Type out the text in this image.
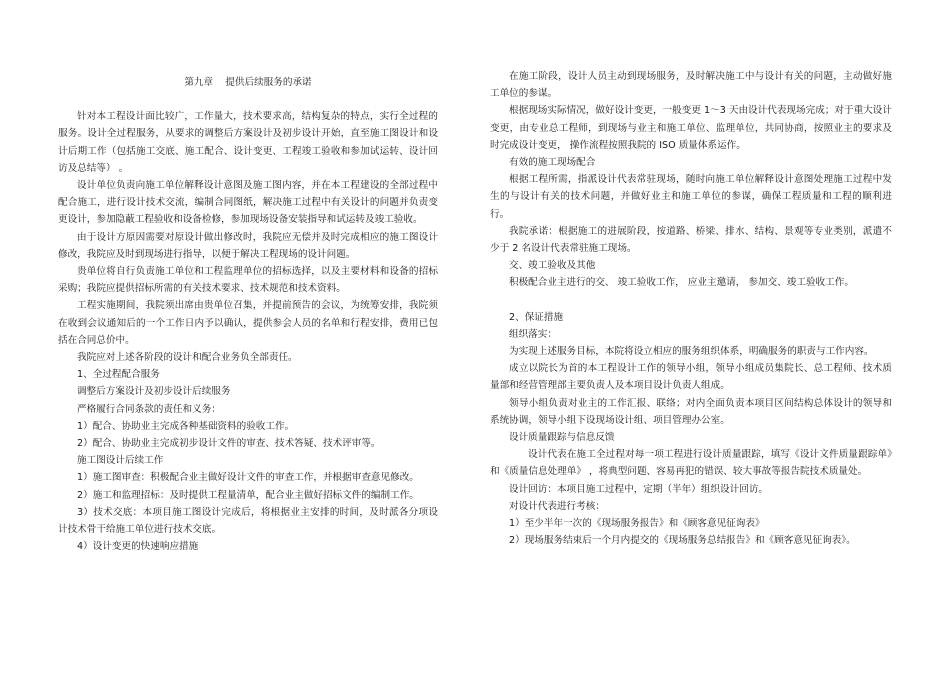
第九章    提供后续服务的承诺

针对本工程设计面比较广，工作量大，技术要求高，结构复杂的特点，实行全过程的服务。设计全过程服务，从要求的调整后方案设计及初步设计开始，直至施工图设计和设计后期工作（包括施工交底、施工配合、设计变更、工程竣工验收和参加试运转、设计回访及总结等） 。

设计单位负责向施工单位解释设计意图及施工图内容，并在本工程建设的全部过程中配合施工，进行设计技术交流，编制合同图纸，解决施工过程中有关设计的问题并负责变更设计，参加隐蔽工程验收和设备检修，参加现场设备安装指导和试运转及竣工验收。

由于设计方原因需要对原设计做出修改时，我院应无偿并及时完成相应的施工图设计修改，我院应及时到现场进行指导，以便于解决工程现场的设计问题。

贵单位将自行负责施工单位和工程监理单位的招标选择，以及主要材料和设备的招标采购；我院应提供招标所需的有关技术要求、技术规范和技术资料。

工程实施期间，我院须出席由贵单位召集，并提前预告的会议，为统筹安排，我院须在收到会议通知后的一个工作日内予以确认，提供参会人员的名单和行程安排，费用已包括在合同总价中。

我院应对上述各阶段的设计和配合业务负全部责任。

1、全过程配合服务

调整后方案设计及初步设计后续服务

严格履行合同条款的责任和义务：

1）配合、协助业主完成各种基础资料的验收工作。

2）配合、协助业主完成初步设计文件的审查、技术答疑、技术评审等。

施工图设计后续工作

1）施工图审查：积极配合业主做好设计文件的审查工作，并根据审查意见修改。

2）施工和监理招标：及时提供工程量清单，配合业主做好招标文件的编制工作。

3）技术交底：本项目施工图设计完成后，将根据业主安排的时间，及时派各分项设计技术骨干给施工单位进行技术交底。

4）设计变更的快速响应措施

在施工阶段，设计人员主动到现场服务，及时解决施工中与设计有关的问题，主动做好施工单位的参谋。

根据现场实际情况，做好设计变更，一般变更 1～3 天由设计代表现场完成；对于重大设计变更，由专业总工程师，到现场与业主和施工单位、监理单位，共同协商，按照业主的要求及时完成设计变更， 操作流程按照我院的 ISO 质量体系运作。

有效的施工现场配合

根据工程所需，指派设计代表常驻现场，随时向施工单位解释设计意图处理施工过程中发生的与设计有关的技术问题，并做好业主和施工单位的参谋，确保工程质量和工程的顺利进行。

我院承诺：根据施工的进展阶段，按道路、桥梁、排水、结构、景观等专业类别，派遣不少于 2 名设计代表常驻施工现场。

交、竣工验收及其他

积极配合业主进行的交、 竣工验收工作， 应业主邀请， 参加交、竣工验收工作。

2、保证措施

组织落实：

为实现上述服务目标，本院将设立相应的服务组织体系，明确服务的职责与工作内容。

成立以院长为首的本工程设计工作的领导小组，领导小组成员集院长、总工程师、技术质量部和经营管理部主要负责人及本项目设计负责人组成。

领导小组负责对业主的工作汇报、联络；对内全面负责本项目区间结构总体设计的领导和系统协调，领导小组下设现场设计组、项目管理办公室。

设计质量跟踪与信息反馈

设计代表在施工全过程对每一项工程进行设计质量跟踪，填写《设计文件质量跟踪单》和《质量信息处理单》 ，将典型问题、容易再犯的错误、较大事故等报告院技术质量处。

设计回访：本项目施工过程中，定期（半年）组织设计回访。

对设计代表进行考核：

1）至少半年一次的《现场服务报告》和《顾客意见征询表》

2）现场服务结束后一个月内提交的《现场服务总结报告》和《顾客意见征询表》。
